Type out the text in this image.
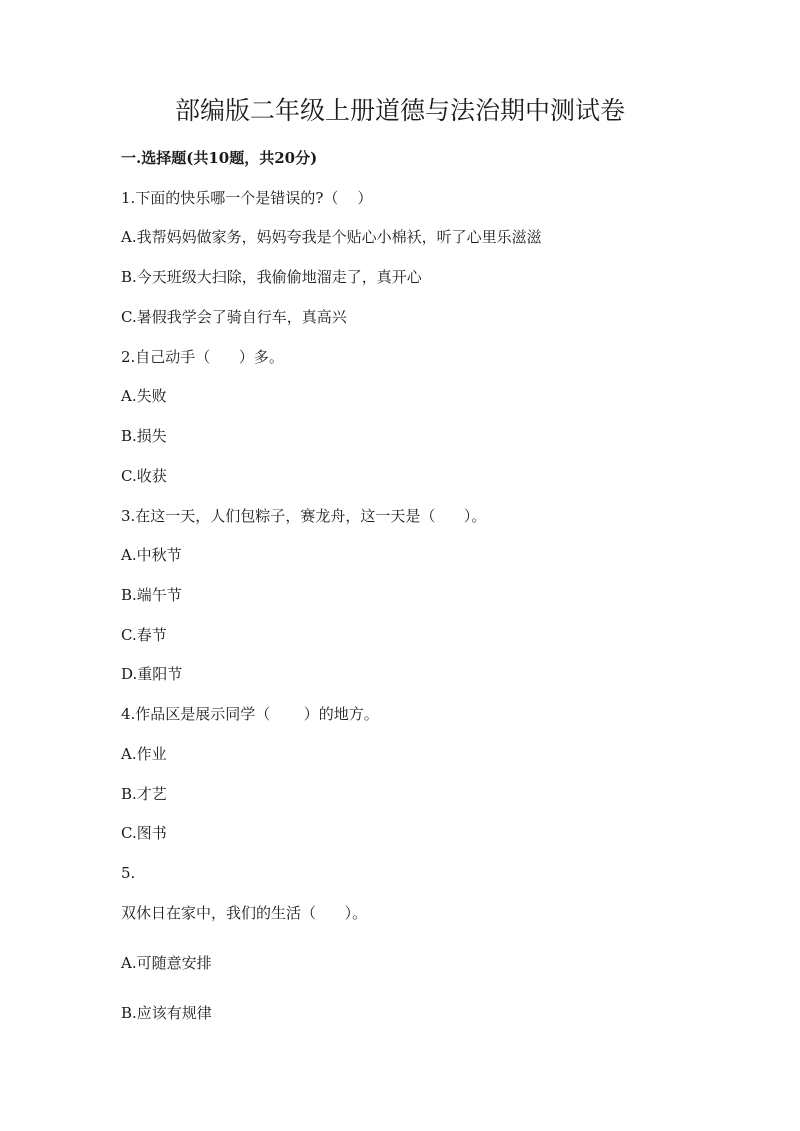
部编版二年级上册道德与法治期中测试卷
一.选择题(共10题，共20分)
1.下面的快乐哪一个是错误的?（    ）
A.我帮妈妈做家务，妈妈夸我是个贴心小棉袄，听了心里乐滋滋
B.今天班级大扫除，我偷偷地溜走了，真开心
C.暑假我学会了骑自行车，真高兴
2.自己动手（      ）多。
A.失败
B.损失
C.收获
3.在这一天，人们包粽子，赛龙舟，这一天是（      ）。
A.中秋节
B.端午节
C.春节
D.重阳节
4.作品区是展示同学（       ）的地方。
A.作业
B.才艺
C.图书
5.
双休日在家中，我们的生活（      ）。
A.可随意安排
B.应该有规律
